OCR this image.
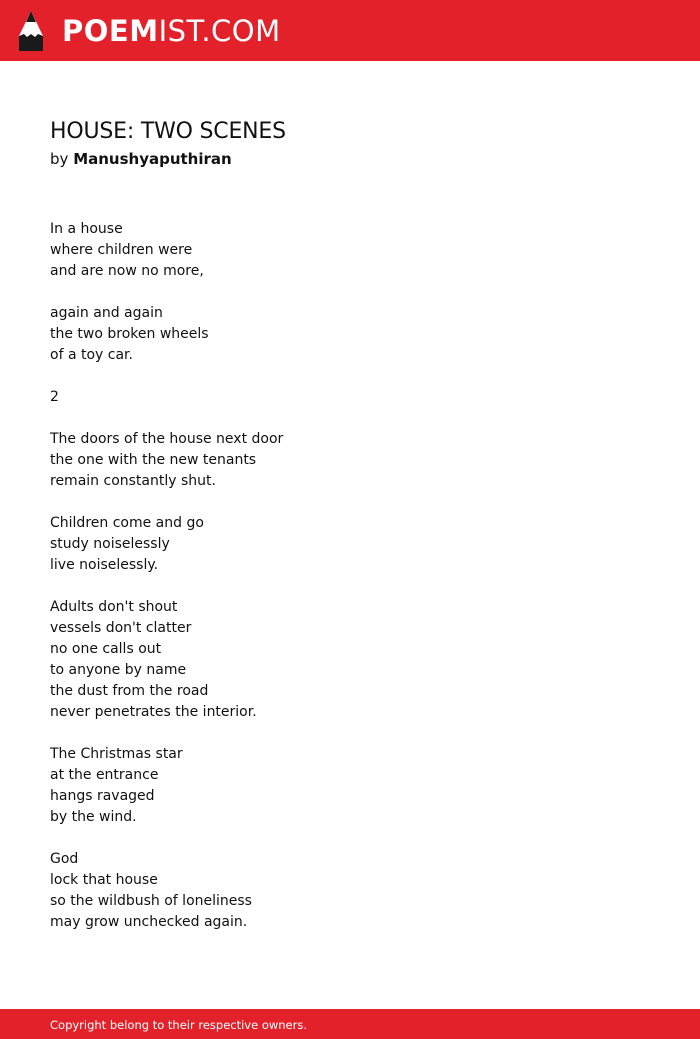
POEMIST.COM
HOUSE: TWO SCENES
by Manushyaputhiran
In a house
where children were
and are now no more,
again and again
the two broken wheels
of a toy car.
2
The doors of the house next door
the one with the new tenants
remain constantly shut.
Children come and go
study noiselessly
live noiselessly.
Adults don't shout
vessels don't clatter
no one calls out
to anyone by name
the dust from the road
never penetrates the interior.
The Christmas star
at the entrance
hangs ravaged
by the wind.
God
lock that house
so the wildbush of loneliness
may grow unchecked again.
Copyright belong to their respective owners.
